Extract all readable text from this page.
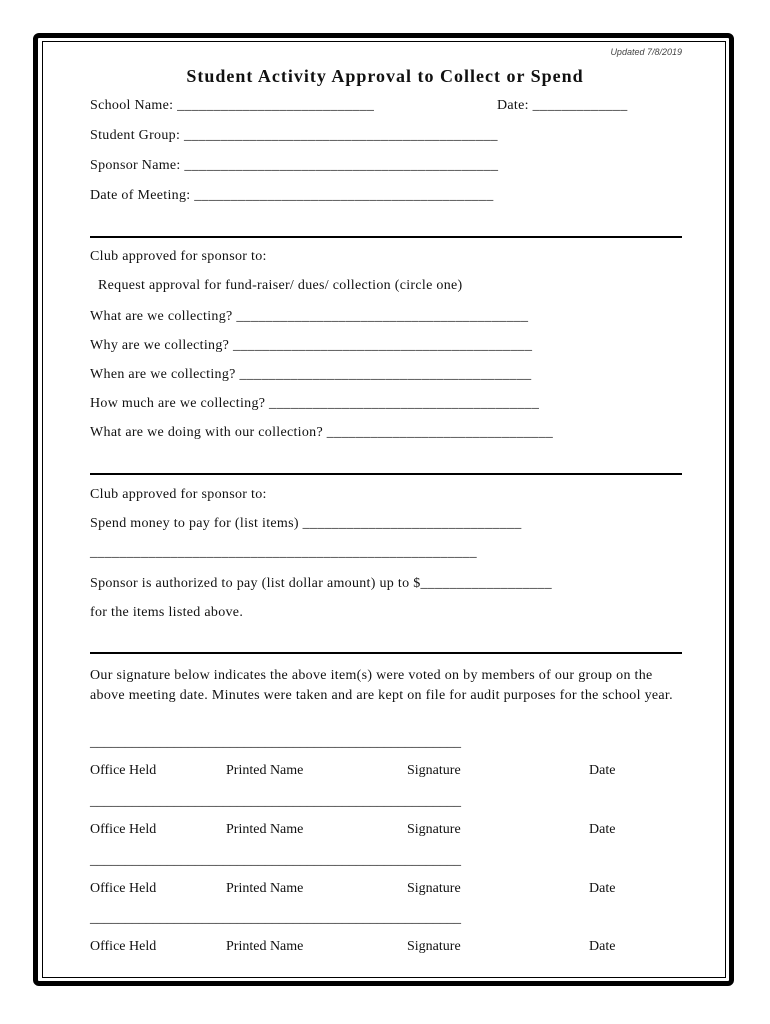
Updated 7/8/2019
Student Activity Approval to Collect or Spend
School Name: ___________________________	Date: _____________
Student Group: ___________________________________________
Sponsor Name: ___________________________________________
Date of Meeting: _________________________________________
Club approved for sponsor to:
Request approval for fund-raiser/ dues/ collection (circle one)
What are we collecting? ________________________________________
Why are we collecting? _________________________________________
When are we collecting? ________________________________________
How much are we collecting? _____________________________________
What are we doing with our collection? _______________________________
Club approved for sponsor to:
Spend money to pay for (list items) ______________________________
_____________________________________________________
Sponsor is authorized to pay (list dollar amount) up to $__________________
for the items listed above.
Our signature below indicates the above item(s) were voted on by members of our group on the above meeting date. Minutes were taken and are kept on file for audit purposes for the school year.
_____________________________________________________
Office Held	Printed Name	Signature	Date
_____________________________________________________
Office Held	Printed Name	Signature	Date
_____________________________________________________
Office Held	Printed Name	Signature	Date
_____________________________________________________
Office Held	Printed Name	Signature	Date
